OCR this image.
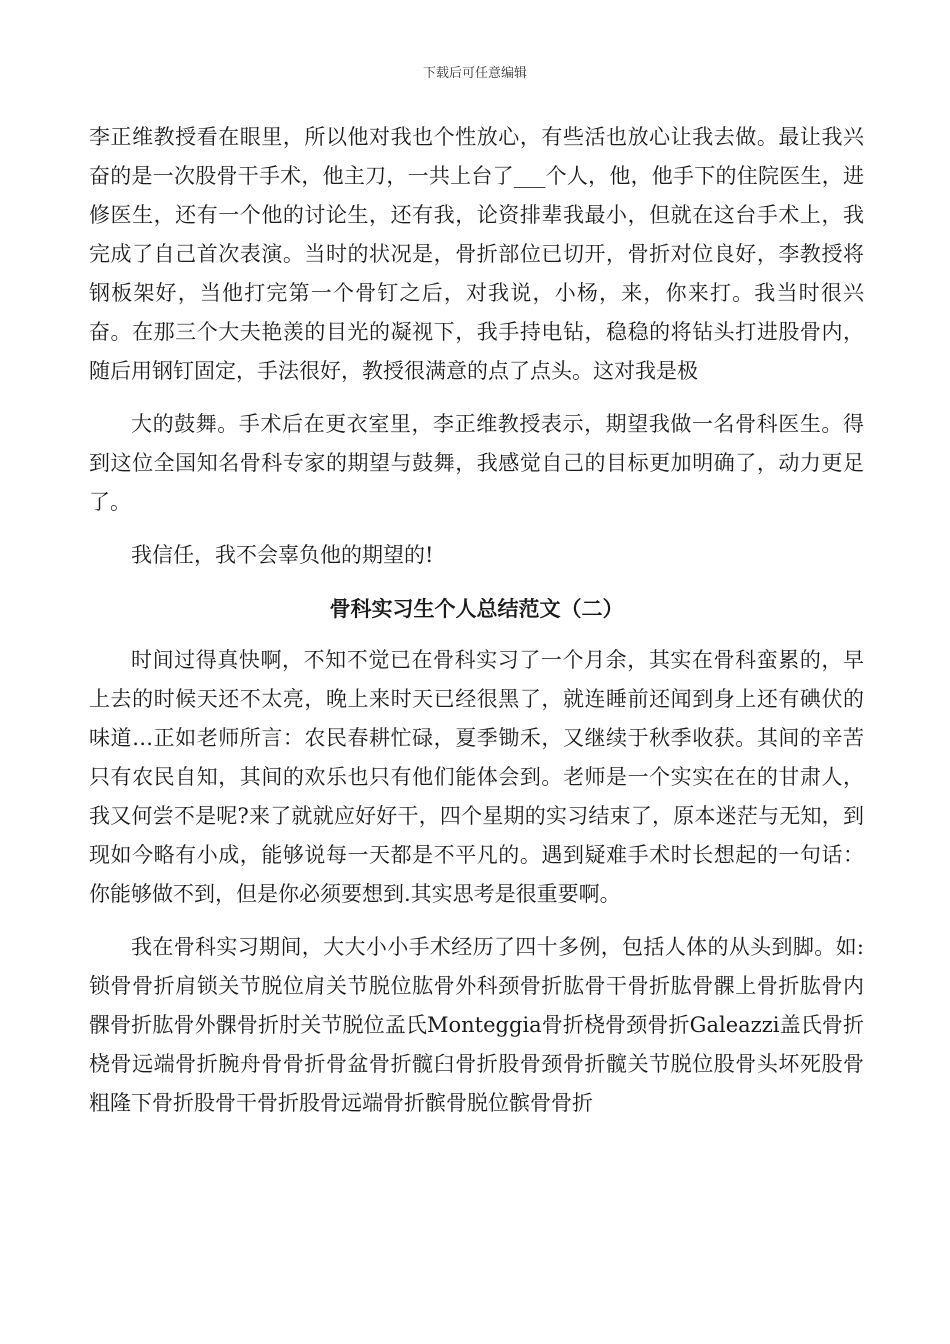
下载后可任意编辑

李正维教授看在眼里，所以他对我也个性放心，有些活也放心让我去做。最让我兴奋的是一次股骨干手术，他主刀，一共上台了___个人，他，他手下的住院医生，进修医生，还有一个他的讨论生，还有我，论资排辈我最小，但就在这台手术上，我完成了自己首次表演。当时的状况是，骨折部位已切开，骨折对位良好，李教授将钢板架好，当他打完第一个骨钉之后，对我说，小杨，来，你来打。我当时很兴奋。在那三个大夫艳羡的目光的凝视下，我手持电钻，稳稳的将钻头打进股骨内，随后用钢钉固定，手法很好，教授很满意的点了点头。这对我是极

大的鼓舞。手术后在更衣室里，李正维教授表示，期望我做一名骨科医生。得到这位全国知名骨科专家的期望与鼓舞，我感觉自己的目标更加明确了，动力更足了。

我信任，我不会辜负他的期望的!

骨科实习生个人总结范文（二）

时间过得真快啊，不知不觉已在骨科实习了一个月余，其实在骨科蛮累的，早上去的时候天还不太亮，晚上来时天已经很黑了，就连睡前还闻到身上还有碘伏的味道…正如老师所言：农民春耕忙碌，夏季锄禾，又继续于秋季收获。其间的辛苦只有农民自知，其间的欢乐也只有他们能体会到。老师是一个实实在在的甘肃人，我又何尝不是呢?来了就就应好好干，四个星期的实习结束了，原本迷茫与无知，到现如今略有小成，能够说每一天都是不平凡的。遇到疑难手术时长想起的一句话：你能够做不到，但是你必须要想到.其实思考是很重要啊。

我在骨科实习期间，大大小小手术经历了四十多例，包括人体的从头到脚。如:锁骨骨折肩锁关节脱位肩关节脱位肱骨外科颈骨折肱骨干骨折肱骨髁上骨折肱骨内髁骨折肱骨外髁骨折肘关节脱位孟氏Monteggia骨折桡骨颈骨折Galeazzi盖氏骨折桡骨远端骨折腕舟骨骨折骨盆骨折髋臼骨折股骨颈骨折髋关节脱位股骨头坏死股骨粗隆下骨折股骨干骨折股骨远端骨折髌骨脱位髌骨骨折
